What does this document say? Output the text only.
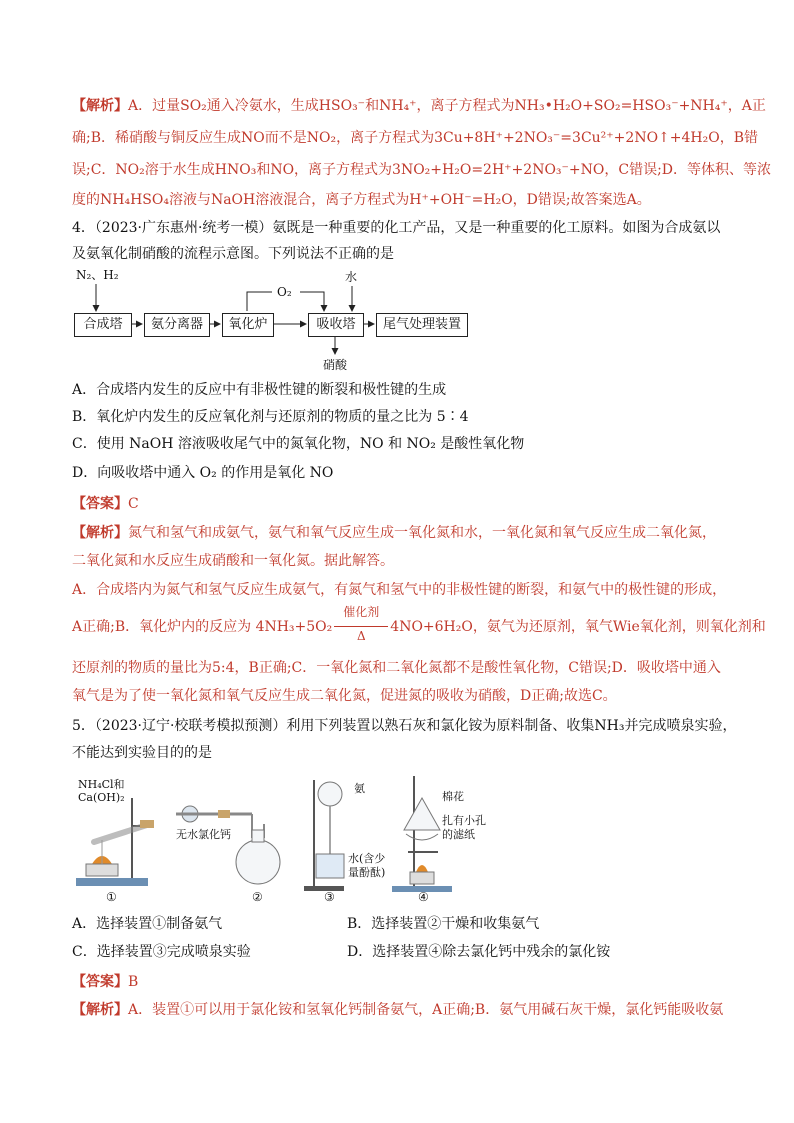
【解析】A．过量SO₂通入冷氨水，生成HSO₃⁻和NH₄⁺，离子方程式为NH₃•H₂O+SO₂=HSO₃⁻+NH₄⁺，A正
确;B．稀硝酸与铜反应生成NO而不是NO₂，离子方程式为3Cu+8H⁺+2NO₃⁻=3Cu²⁺+2NO↑+4H₂O，B错
误;C．NO₂溶于水生成HNO₃和NO，离子方程式为3NO₂+H₂O=2H⁺+2NO₃⁻+NO，C错误;D．等体积、等浓
度的NH₄HSO₄溶液与NaOH溶液混合，离子方程式为H⁺+OH⁻=H₂O，D错误;故答案选A。
4．（2023·广东惠州·统考一模）氨既是一种重要的化工产品，又是一种重要的化工原料。如图为合成氨以
及氨氧化制硝酸的流程示意图。下列说法不正确的是
N₂、H₂
O₂
水
硝酸
合成塔	氨分离器	氧化炉	吸收塔	尾气处理装置
A．合成塔内发生的反应中有非极性键的断裂和极性键的生成
B．氧化炉内发生的反应氧化剂与还原剂的物质的量之比为 5∶4
C．使用 NaOH 溶液吸收尾气中的氮氧化物，NO 和 NO₂ 是酸性氧化物
D．向吸收塔中通入 O₂ 的作用是氧化 NO
【答案】C
【解析】氮气和氢气和成氨气，氨气和氧气反应生成一氧化氮和水，一氧化氮和氧气反应生成二氧化氮，
二氧化氮和水反应生成硝酸和一氧化氮。据此解答。
A．合成塔内为氮气和氢气反应生成氨气，有氮气和氢气中的非极性键的断裂，和氨气中的极性键的形成，
A正确;B．氧化炉内的反应为 4NH₃+5O₂
催化剂
Δ
4NO+6H₂O，氨气为还原剂，氧气Wie氧化剂，则氧化剂和
还原剂的物质的量比为5:4，B正确;C．一氧化氮和二氧化氮都不是酸性氧化物，C错误;D．吸收塔中通入
氧气是为了使一氧化氮和氧气反应生成二氧化氮，促进氮的吸收为硝酸，D正确;故选C。
5．（2023·辽宁·校联考模拟预测）利用下列装置以熟石灰和氯化铵为原料制备、收集NH₃并完成喷泉实验，
不能达到实验目的的是
NH₄Cl和
Ca(OH)₂
无水氯化钙
氨
水(含少
量酚酞)
棉花
扎有小孔
的滤纸
①	②	③	④
A．选择装置①制备氨气	B．选择装置②干燥和收集氨气
C．选择装置③完成喷泉实验	D．选择装置④除去氯化钙中残余的氯化铵
【答案】B
【解析】A．装置①可以用于氯化铵和氢氧化钙制备氨气，A正确;B．氨气用碱石灰干燥，氯化钙能吸收氨
